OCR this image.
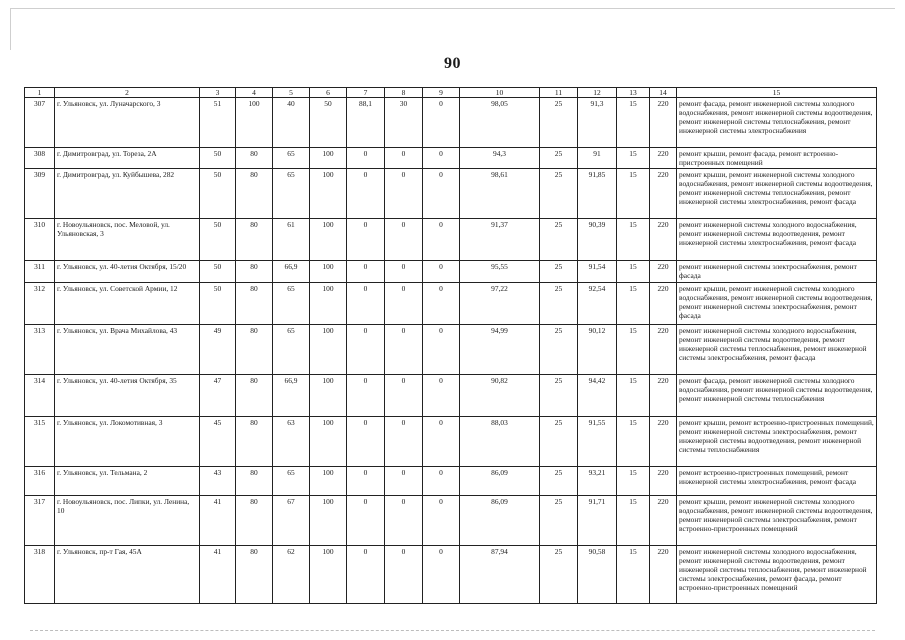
90
1	2	3	4	5	6	7	8	9	10	11	12	13	14	15
307	г. Ульяновск, ул. Луначарского, 3	51	100	40	50	88,1	30	0	98,05	25	91,3	15	220	ремонт фасада, ремонт инженерной системы холодного водоснабжения, ремонт инженерной системы водоотведения, ремонт инженерной системы теплоснабжения, ремонт инженерной системы электроснабжения
308	г. Димитровград, ул. Тореза, 2А	50	80	65	100	0	0	0	94,3	25	91	15	220	ремонт крыши, ремонт фасада, ремонт встроенно-пристроенных помещений
309	г. Димитровград, ул. Куйбышева, 282	50	80	65	100	0	0	0	98,61	25	91,85	15	220	ремонт крыши, ремонт инженерной системы холодного водоснабжения, ремонт инженерной системы водоотведения, ремонт инженерной системы теплоснабжения, ремонт инженерной системы электроснабжения, ремонт фасада
310	г. Новоульяновск, пос. Меловой, ул. Ульяновская, 3	50	80	61	100	0	0	0	91,37	25	90,39	15	220	ремонт инженерной системы холодного водоснабжения, ремонт инженерной системы водоотведения, ремонт инженерной системы электроснабжения, ремонт фасада
311	г. Ульяновск, ул. 40-летия Октября, 15/20	50	80	66,9	100	0	0	0	95,55	25	91,54	15	220	ремонт инженерной системы электроснабжения, ремонт фасада
312	г. Ульяновск, ул. Советской Армии, 12	50	80	65	100	0	0	0	97,22	25	92,54	15	220	ремонт крыши, ремонт инженерной системы холодного водоснабжения, ремонт инженерной системы водоотведения, ремонт инженерной системы электроснабжения, ремонт фасада
313	г. Ульяновск, ул. Врача Михайлова, 43	49	80	65	100	0	0	0	94,99	25	90,12	15	220	ремонт инженерной системы холодного водоснабжения, ремонт инженерной системы водоотведения, ремонт инженерной системы теплоснабжения, ремонт инженерной системы электроснабжения, ремонт фасада
314	г. Ульяновск, ул. 40-летия Октября, 35	47	80	66,9	100	0	0	0	90,82	25	94,42	15	220	ремонт фасада, ремонт инженерной системы холодного водоснабжения, ремонт инженерной системы водоотведения, ремонт инженерной системы теплоснабжения
315	г. Ульяновск, ул. Локомотивная, 3	45	80	63	100	0	0	0	88,03	25	91,55	15	220	ремонт крыши, ремонт встроенно-пристроенных помещений, ремонт инженерной системы электроснабжения, ремонт инженерной системы водоотведения, ремонт инженерной системы теплоснабжения
316	г. Ульяновск, ул. Тельмана, 2	43	80	65	100	0	0	0	86,09	25	93,21	15	220	ремонт встроенно-пристроенных помещений, ремонт инженерной системы электроснабжения, ремонт фасада
317	г. Новоульяновск, пос. Липки, ул. Ленина, 10	41	80	67	100	0	0	0	86,09	25	91,71	15	220	ремонт крыши, ремонт инженерной системы холодного водоснабжения, ремонт инженерной системы водоотведения, ремонт инженерной системы электроснабжения, ремонт встроенно-пристроенных помещений
318	г. Ульяновск, пр-т Гая, 45А	41	80	62	100	0	0	0	87,94	25	90,58	15	220	ремонт инженерной системы холодного водоснабжения, ремонт инженерной системы водоотведения, ремонт инженерной системы теплоснабжения, ремонт инженерной системы электроснабжения, ремонт фасада, ремонт встроенно-пристроенных помещений
